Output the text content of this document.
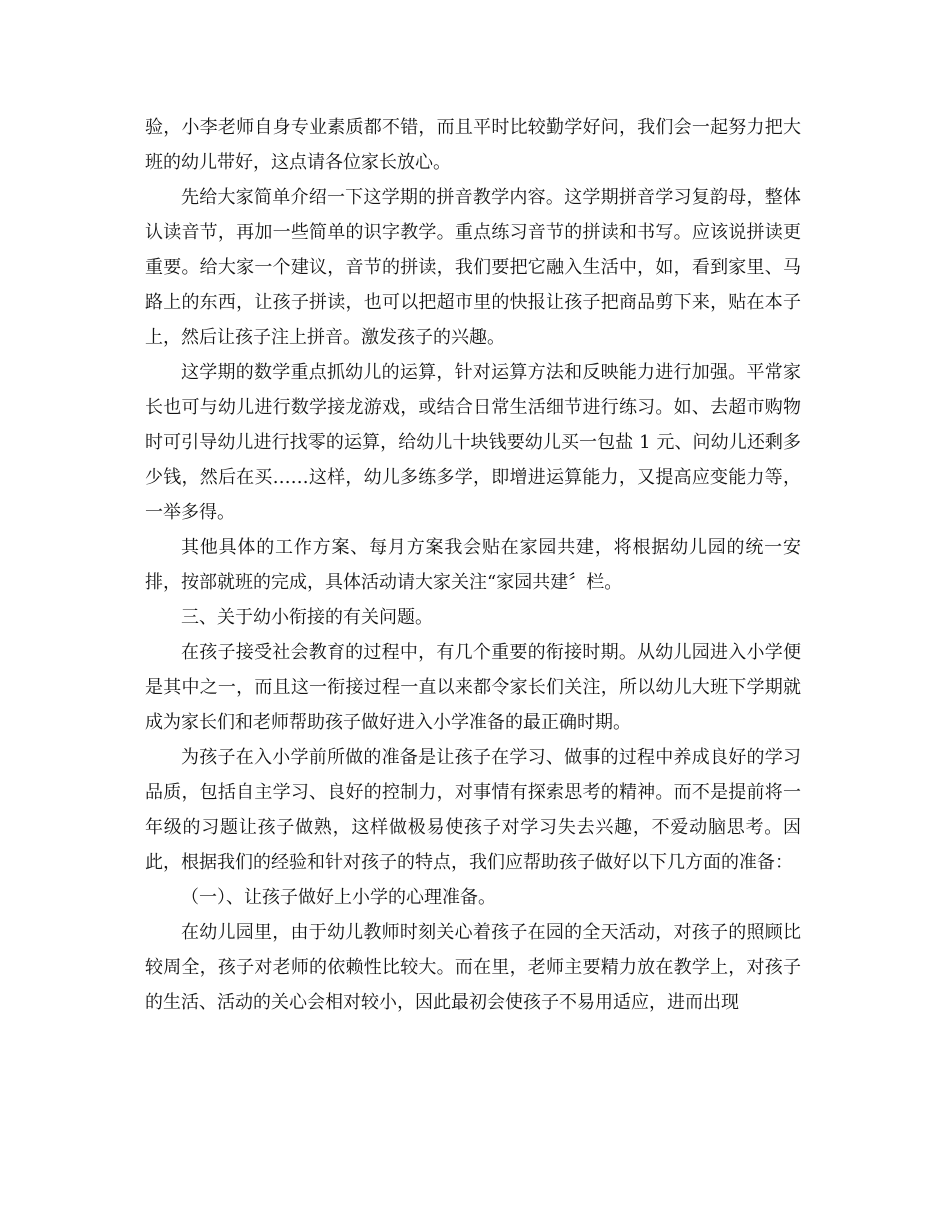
验，小李老师自身专业素质都不错，而且平时比较勤学好问，我们会一起努力把大班的幼儿带好，这点请各位家长放心。

先给大家简单介绍一下这学期的拼音教学内容。这学期拼音学习复韵母，整体认读音节，再加一些简单的识字教学。重点练习音节的拼读和书写。应该说拼读更重要。给大家一个建议，音节的拼读，我们要把它融入生活中，如，看到家里、马路上的东西，让孩子拼读，也可以把超市里的快报让孩子把商品剪下来，贴在本子上，然后让孩子注上拼音。激发孩子的兴趣。

这学期的数学重点抓幼儿的运算，针对运算方法和反映能力进行加强。平常家长也可与幼儿进行数学接龙游戏，或结合日常生活细节进行练习。如、去超市购物时可引导幼儿进行找零的运算，给幼儿十块钱要幼儿买一包盐 1 元、问幼儿还剩多少钱，然后在买……这样，幼儿多练多学，即增进运算能力，又提高应变能力等，一举多得。

其他具体的工作方案、每月方案我会贴在家园共建，将根据幼儿园的统一安排，按部就班的完成，具体活动请大家关注“家园共建〞栏。

三、关于幼小衔接的有关问题。

在孩子接受社会教育的过程中，有几个重要的衔接时期。从幼儿园进入小学便是其中之一，而且这一衔接过程一直以来都令家长们关注，所以幼儿大班下学期就成为家长们和老师帮助孩子做好进入小学准备的最正确时期。

为孩子在入小学前所做的准备是让孩子在学习、做事的过程中养成良好的学习品质，包括自主学习、良好的控制力，对事情有探索思考的精神。而不是提前将一年级的习题让孩子做熟，这样做极易使孩子对学习失去兴趣，不爱动脑思考。因此，根据我们的经验和针对孩子的特点，我们应帮助孩子做好以下几方面的准备：

（一）、让孩子做好上小学的心理准备。

在幼儿园里，由于幼儿教师时刻关心着孩子在园的全天活动，对孩子的照顾比较周全，孩子对老师的依赖性比较大。而在里，老师主要精力放在教学上，对孩子的生活、活动的关心会相对较小，因此最初会使孩子不易用适应，进而出现
